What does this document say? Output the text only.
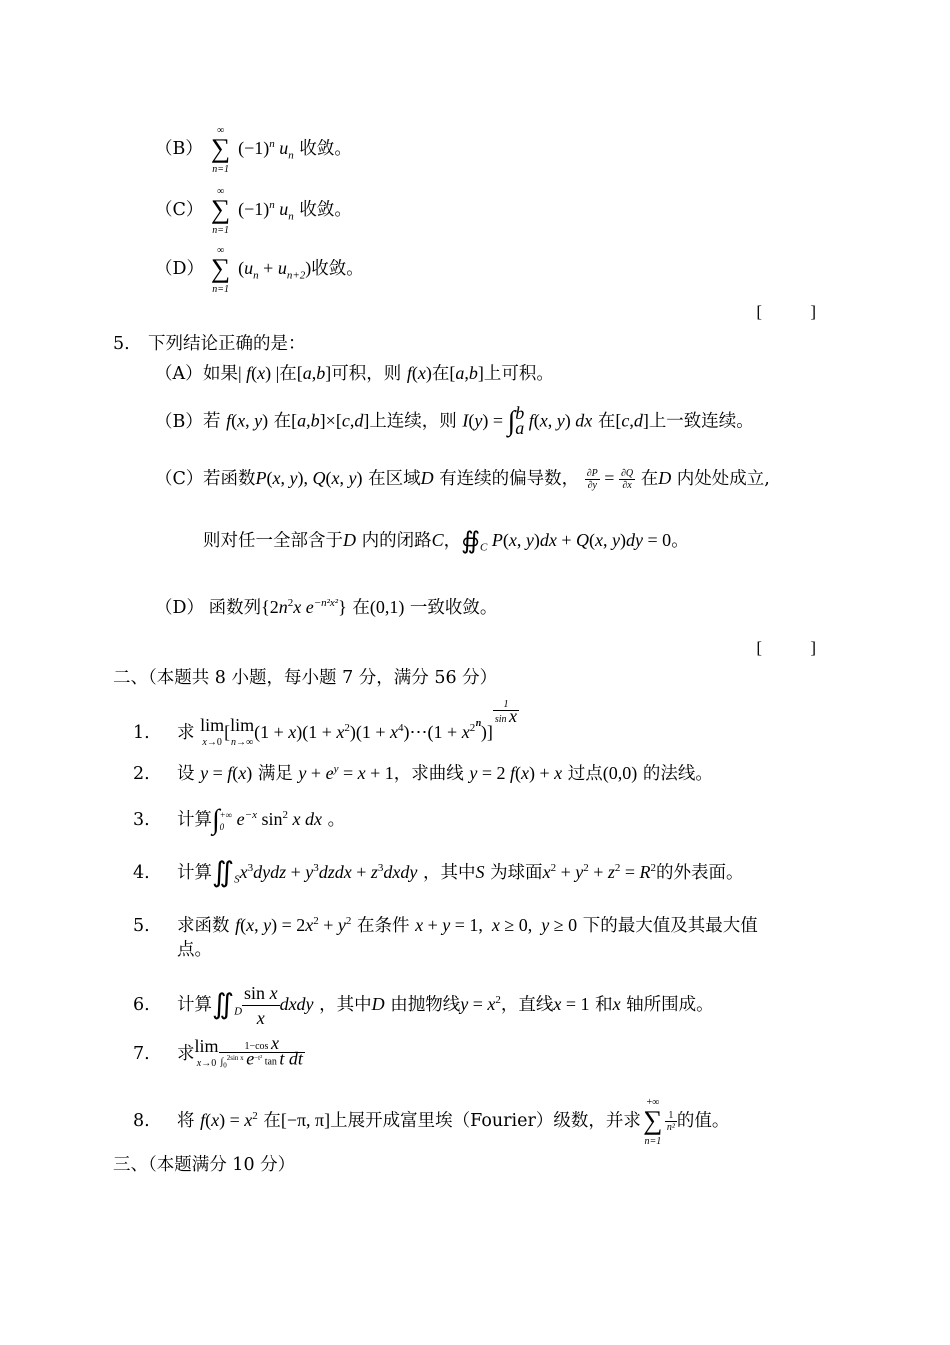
（B）
∞
∑
n=1
$(-1)^n$ $u_n$ 收敛。
（C）
∞
∑
n=1
$(-1)^n$ $u_n$ 收敛。
（D）
∞
∑
n=1
$(u_n + u_{n+2})$收敛。
[ ]
5. 下列结论正确的是：
（A）如果| f(x) |在[a,b]可积，则 f(x)在[a,b]上可积。
（B）若 f(x, y) 在[a,b]×[c,d]上连续，则 I(y) = ∫b
a f(x, y) dx 在[c,d]上一致连续。
（C）若函数P(x, y), Q(x, y) 在区域D 有连续的偏导数， $\frac{\partial P}{\partial y} = \frac{\partial Q}{\partial x}$ 在D 内处处成立,
则对任一全部含于D 内的闭路C，$∯_C$ P(x, y)dx + Q(x, y)dy = 0。
（D） 函数列{$2n^2x$ $e^{-n^2x^2}$} 在(0,1) 一致收敛。
[ ]
二、（本题共 8 小题，每小题 7 分，满分 56 分）
1. 求 lim
x→0 [lim
$n\to\infty(1 + x)(1 + x^2)(1$ + $x^4)\cdots(1 + x^{2^n})$]
$\frac{1}{\text{sin x}}$
2. 设 y = f(x) 满足 $y + e^y = x + 1$，求曲线 y = 2 f(x) + x 过点(0,0) 的法线。
3. 计算∫+∞
0 $e^{-x}$ $\sin^2 x$ dx 。
4. 计算$∬_Sx^3dydz$ + $y^3dzdx$ + $z^3dxdy$ ，其中S 为球面$x^2 + y^2 + z^2 = R^2$的外表面。
5. 求函数 f(x, $y) = 2x^2 + y^2$ 在条件 x + y = 1,  x ≥ 0,  y ≥ 0 下的最大值及其最大值
点。
6. 计算$∬_D \frac{\text{sin x}}{x}$ dxdy ，其中D 由抛物线$y = x^2$，直线x = 1 和x 轴所围成。
7. 求lim
$x\to 0 \frac{\text{1−cos x}}{\int_0^{2sin x} e^{-t^2} \tan t dt}$
8. 将 $f(x) = x^2$ 在[−π, π]上展开成富里埃（Fourier）级数，并求
+∞
∑
n=1
$\frac{1}{\text{n²}}$ 的值。
三、（本题满分 10 分）
